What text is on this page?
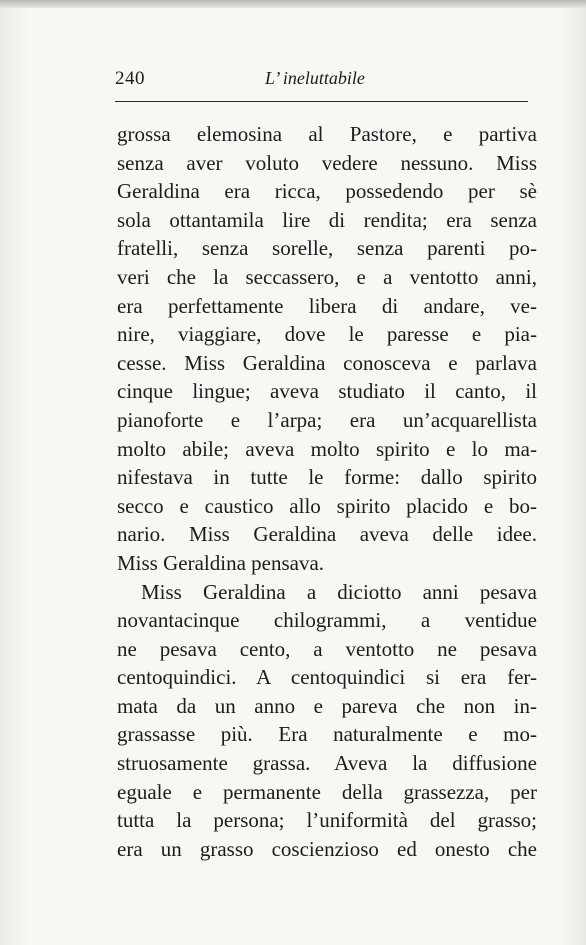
240	L’ ineluttabile
grossa elemosina al Pastore, e partiva
senza aver voluto vedere nessuno. Miss
Geraldina era ricca, possedendo per sè
sola ottantamila lire di rendita; era senza
fratelli, senza sorelle, senza parenti po-
veri che la seccassero, e a ventotto anni,
era perfettamente libera di andare, ve-
nire, viaggiare, dove le paresse e pia-
cesse. Miss Geraldina conosceva e parlava
cinque lingue; aveva studiato il canto, il
pianoforte e l’arpa; era un’acquarellista
molto abile; aveva molto spirito e lo ma-
nifestava in tutte le forme: dallo spirito
secco e caustico allo spirito placido e bo-
nario. Miss Geraldina aveva delle idee.
Miss Geraldina pensava.
Miss Geraldina a diciotto anni pesava
novantacinque chilogrammi, a ventidue
ne pesava cento, a ventotto ne pesava
centoquindici. A centoquindici si era fer-
mata da un anno e pareva che non in-
grassasse più. Era naturalmente e mo-
struosamente grassa. Aveva la diffusione
eguale e permanente della grassezza, per
tutta la persona; l’uniformità del grasso;
era un grasso coscienzioso ed onesto che
